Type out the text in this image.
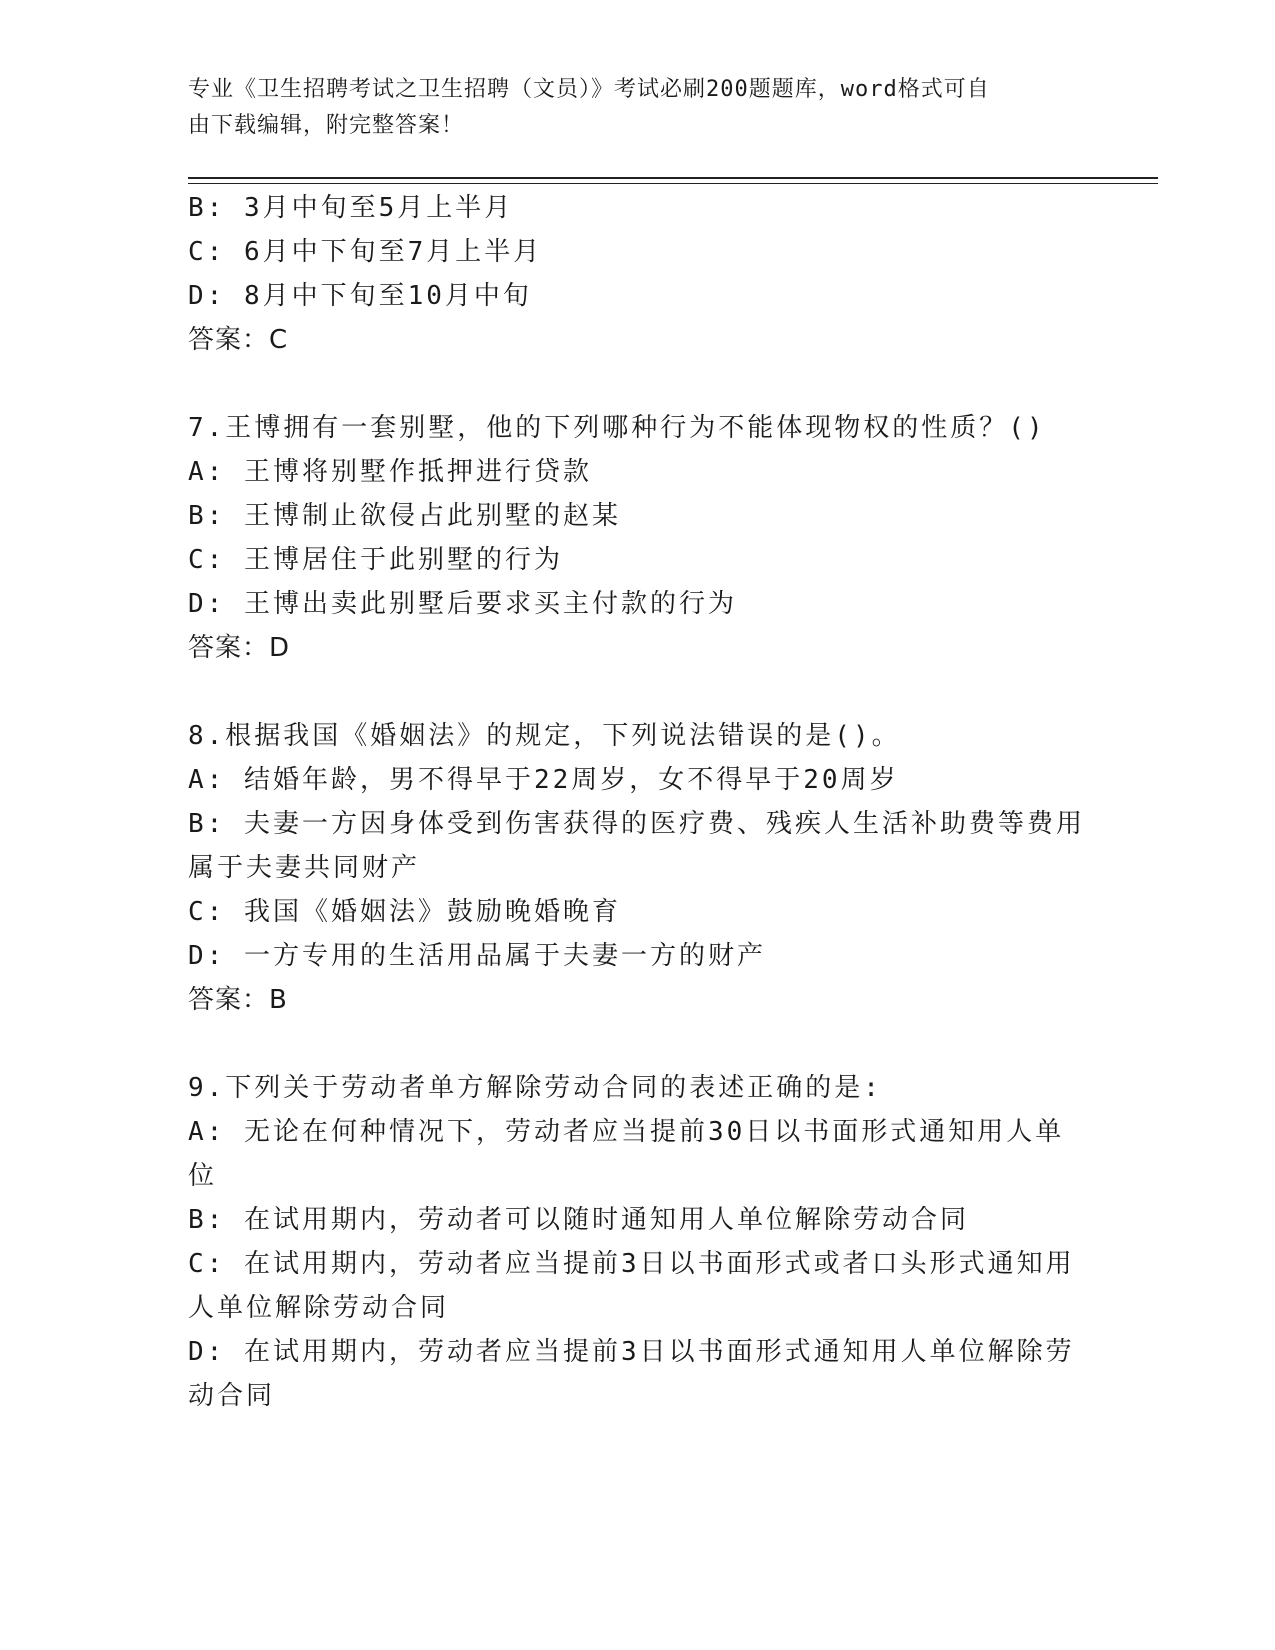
专业《卫生招聘考试之卫生招聘（文员）》考试必刷200题题库，word格式可自
由下载编辑，附完整答案！
B: 3月中旬至5月上半月
C: 6月中下旬至7月上半月
D: 8月中下旬至10月中旬
答案：C
7.王博拥有一套别墅，他的下列哪种行为不能体现物权的性质？()
A: 王博将别墅作抵押进行贷款
B: 王博制止欲侵占此别墅的赵某
C: 王博居住于此别墅的行为
D: 王博出卖此别墅后要求买主付款的行为
答案：D
8.根据我国《婚姻法》的规定，下列说法错误的是()。
A: 结婚年龄，男不得早于22周岁，女不得早于20周岁
B: 夫妻一方因身体受到伤害获得的医疗费、残疾人生活补助费等费用
属于夫妻共同财产
C: 我国《婚姻法》鼓励晚婚晚育
D: 一方专用的生活用品属于夫妻一方的财产
答案：B
9.下列关于劳动者单方解除劳动合同的表述正确的是:
A: 无论在何种情况下，劳动者应当提前30日以书面形式通知用人单
位
B: 在试用期内，劳动者可以随时通知用人单位解除劳动合同
C: 在试用期内，劳动者应当提前3日以书面形式或者口头形式通知用
人单位解除劳动合同
D: 在试用期内，劳动者应当提前3日以书面形式通知用人单位解除劳
动合同
